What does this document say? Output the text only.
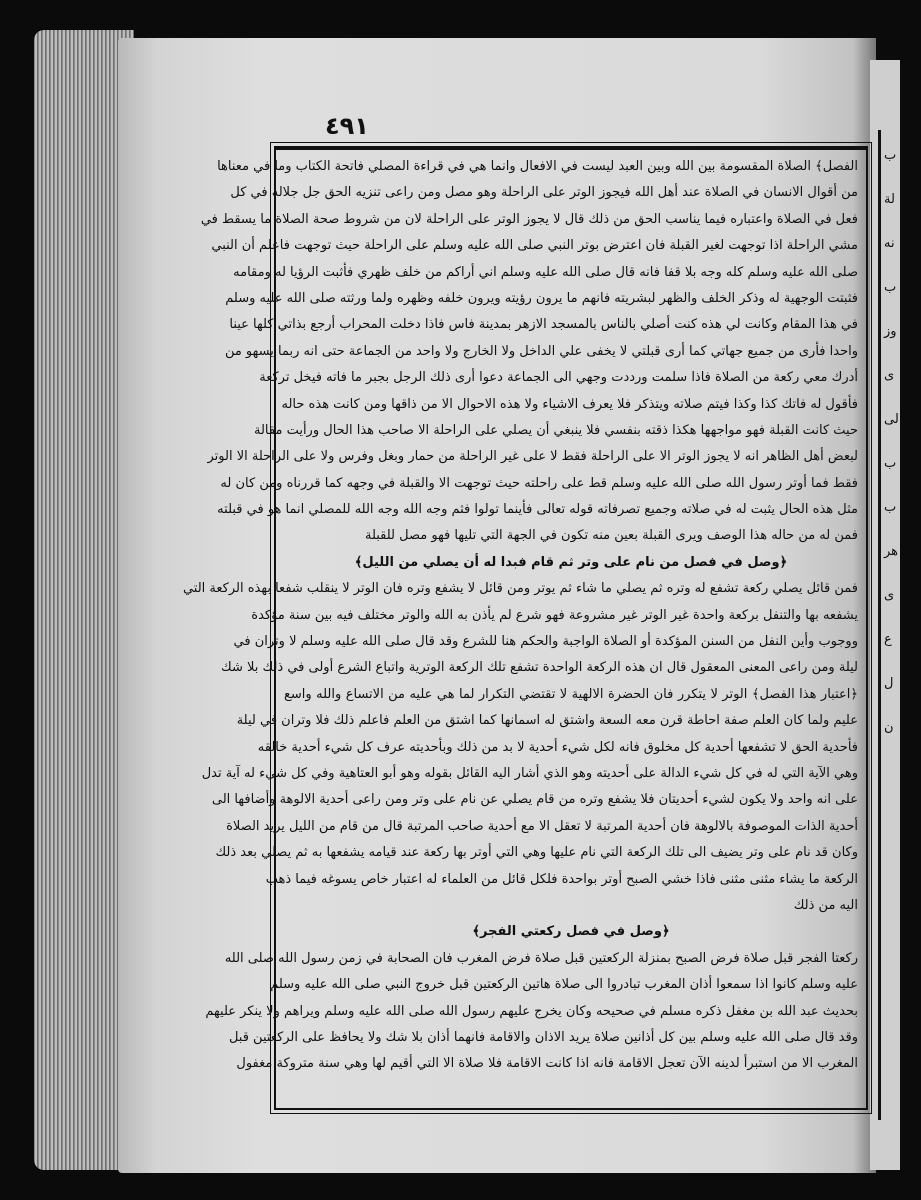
ب
لة
نه
ب
وز
ى
لى
ب
ب
هر
ى
ع
ل
ن
٤٩١
الفصل﴾ الصلاة المقسومة بين الله وبين العبد ليست في الافعال وانما هي في قراءة المصلي فاتحة الكتاب وما في معناها
من أقوال الانسان في الصلاة عند أهل الله فيجوز الوتر على الراحلة وهو مصل ومن راعى تنزيه الحق جل جلاله في كل
فعل في الصلاة واعتباره فيما يناسب الحق من ذلك قال لا يجوز الوتر على الراحلة لان من شروط صحة الصلاة ما يسقط في
مشي الراحلة اذا توجهت لغير القبلة فان اعترض بوتر النبي صلى الله عليه وسلم على الراحلة حيث توجهت فاعلم أن النبي
صلى الله عليه وسلم كله وجه بلا قفا فانه قال صلى الله عليه وسلم اني أراكم من خلف ظهري فأثبت الرؤيا له ومقامه
فثبتت الوجهية له وذكر الخلف والظهر لبشريته فانهم ما يرون رؤيته ويرون خلفه وظهره ولما ورثته صلى الله عليه وسلم
في هذا المقام وكانت لي هذه كنت أصلي بالناس بالمسجد الازهر بمدينة فاس فاذا دخلت المحراب أرجع بذاتي كلها عينا
واحدا فأرى من جميع جهاتي كما أرى قبلتي لا يخفى علي الداخل ولا الخارج ولا واحد من الجماعة حتى انه ربما يسهو من
أدرك معي ركعة من الصلاة فاذا سلمت ورددت وجهي الى الجماعة دعوا أرى ذلك الرجل بجبر ما فاته فيخل تركعة
فأقول له فاتك كذا وكذا فيتم صلاته ويتذكر فلا يعرف الاشياء ولا هذه الاحوال الا من ذاقها ومن كانت هذه حاله
حيث كانت القبلة فهو مواجهها هكذا ذقته بنفسي فلا ينبغي أن يصلي على الراحلة الا صاحب هذا الحال ورأيت مقالة
لبعض أهل الظاهر انه لا يجوز الوتر الا على الراحلة فقط لا على غير الراحلة من حمار وبغل وفرس ولا على الراحلة الا الوتر
فقط فما أوتر رسول الله صلى الله عليه وسلم قط على راحلته حيث توجهت الا والقبلة في وجهه كما قررناه ومن كان له
مثل هذه الحال يثبت له في صلاته وجميع تصرفاته قوله تعالى فأينما تولوا فثم وجه الله وجه الله للمصلي انما هو في قبلته
فمن له من حاله هذا الوصف ويرى القبلة بعين منه تكون في الجهة التي تليها فهو مصل للقبلة
﴿وصل في فصل من نام على وتر ثم قام فبدا له أن يصلي من الليل﴾
فمن قائل يصلي ركعة تشفع له وتره ثم يصلي ما شاء ثم يوتر ومن قائل لا يشفع وتره فان الوتر لا ينقلب شفعا بهذه الركعة التي
يشفعه بها والتنفل بركعة واحدة غير الوتر غير مشروعة فهو شرع لم يأذن به الله والوتر مختلف فيه بين سنة مؤكدة
ووجوب وأين النفل من السنن المؤكدة أو الصلاة الواجبة والحكم هنا للشرع وقد قال صلى الله عليه وسلم لا وتران في
ليلة ومن راعى المعنى المعقول قال ان هذه الركعة الواحدة تشفع تلك الركعة الوترية واتباع الشرع أولى في ذلك بلا شك
﴿اعتبار هذا الفصل﴾ الوتر لا يتكرر فان الحضرة الالهية لا تقتضي التكرار لما هي عليه من الاتساع والله واسع
عليم ولما كان العلم صفة احاطة قرن معه السعة واشتق له اسمانها كما اشتق من العلم فاعلم ذلك فلا وتران في ليلة
فأحدية الحق لا تشفعها أحدية كل مخلوق فانه لكل شيء أحدية لا بد من ذلك وبأحديته عرف كل شيء أحدية خالقه
وهي الآية التي له في كل شيء الدالة على أحديته وهو الذي أشار اليه القائل بقوله وهو أبو العتاهية وفي كل شيء له آية تدل
على انه واحد ولا يكون لشيء أحديتان فلا يشفع وتره من قام يصلي عن نام على وتر ومن راعى أحدية الالوهة وأضافها الى
أحدية الذات الموصوفة بالالوهة فان أحدية المرتبة لا تعقل الا مع أحدية صاحب المرتبة قال من قام من الليل يريد الصلاة
وكان قد نام على وتر يضيف الى تلك الركعة التي نام عليها وهي التي أوتر بها ركعة عند قيامه يشفعها به ثم يصلي بعد ذلك
الركعة ما يشاء مثنى مثنى فاذا خشي الصبح أوتر بواحدة فلكل قائل من العلماء له اعتبار خاص يسوغه فيما ذهب
اليه من ذلك
﴿وصل في فصل ركعتي الفجر﴾
ركعتا الفجر قبل صلاة فرض الصبح بمنزلة الركعتين قبل صلاة فرض المغرب فان الصحابة في زمن رسول الله صلى الله
عليه وسلم كانوا اذا سمعوا أذان المغرب تبادروا الى صلاة هاتين الركعتين قبل خروج النبي صلى الله عليه وسلم
بحديث عبد الله بن مغفل ذكره مسلم في صحيحه وكان يخرج عليهم رسول الله صلى الله عليه وسلم ويراهم ولا ينكر عليهم
وقد قال صلى الله عليه وسلم بين كل أذانين صلاة يريد الاذان والاقامة فانهما أذان بلا شك ولا يحافظ على الركعتين قبل
المغرب الا من استبرأ لدينه الآن تعجل الاقامة فانه اذا كانت الاقامة فلا صلاة الا التي أقيم لها وهي سنة متروكة مغفول
